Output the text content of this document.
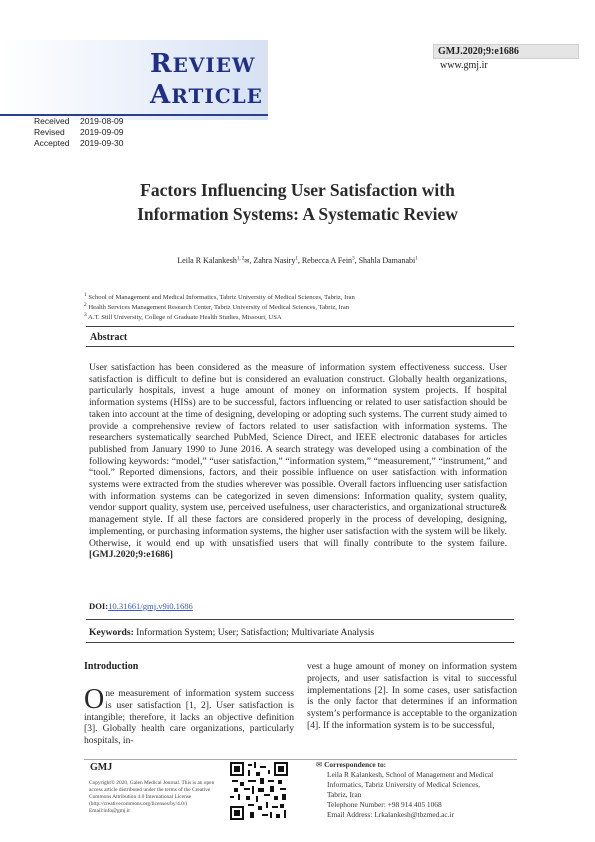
REVIEW
ARTICLE
GMJ.2020;9:e1686
www.gmj.ir
Received 2019-08-09
Revised 2019-09-09
Accepted 2019-09-30
Factors Influencing User Satisfaction with
Information Systems: A Systematic Review
Leila R Kalankesh$^{1, 2}$✉, Zahra Nasiry$^1$, Rebecca A Fein$^3$, Shahla Damanabi$^1$
$^1$ School of Management and Medical Informatics, Tabriz University of Medical Sciences, Tabriz, Iran
$^2$ Health Services Management Research Center, Tabriz University of Medical Sciences, Tabriz, Iran
$^3$ A.T. Still University, College of Graduate Health Studies, Missouri, USA
Abstract
User satisfaction has been considered as the measure of information system effectiveness success. User satisfaction is difficult to define but is considered an evaluation construct. Globally health organizations, particularly hospitals, invest a huge amount of money on information system projects. If hospital information systems (HISs) are to be successful, factors influencing or related to user satisfaction should be taken into account at the time of designing, developing or adopting such systems. The current study aimed to provide a comprehensive review of factors related to user satisfaction with information systems. The researchers systematically searched PubMed, Science Direct, and IEEE electronic databases for articles published from January 1990 to June 2016. A search strategy was developed using a combination of the following keywords: “model,” “user satisfaction,” “information system,” “measurement,” “instrument,” and “tool.” Reported dimensions, factors, and their possible influence on user satisfaction with information systems were extracted from the studies wherever was possible. Overall factors influencing user satisfaction with information systems can be categorized in seven dimensions: Information quality, system quality, vendor support quality, system use, perceived usefulness, user characteristics, and organizational structure& management style. If all these factors are considered properly in the process of developing, designing, implementing, or purchasing information systems, the higher user satisfaction with the system will be likely. Otherwise, it would end up with unsatisfied users that will finally contribute to the system failure. [GMJ.2020;9:e1686]
DOI:10.31661/gmj.v9i0.1686
Keywords: Information System; User; Satisfaction; Multivariate Analysis
Introduction
One measurement of information system success is user satisfaction [1, 2]. User satisfaction is intangible; therefore, it lacks an objective definition [3]. Globally health care organizations, particularly hospitals, in-
vest a huge amount of money on information system projects, and user satisfaction is vital to successful implementations [2]. In some cases, user satisfaction is the only factor that determines if an information system’s performance is acceptable to the organization [4]. If the information system is to be successful,
GMJ
Copyright© 2020, Galen Medical Journal. This is an open access article distributed under the terms of the Creative Commons Attribution 4.0 International License (http://creativecommons.org/licenses/by/4.0/) Email:info@gmj.ir
✉ Correspondence to:
Leila R Kalankesh, School of Management and Medical Informatics, Tabriz University of Medical Sciences,
Tabriz, Iran
Telephone Number: +98 914 405 1068
Email Address: Lrkalankesh@tbzmed.ac.ir
